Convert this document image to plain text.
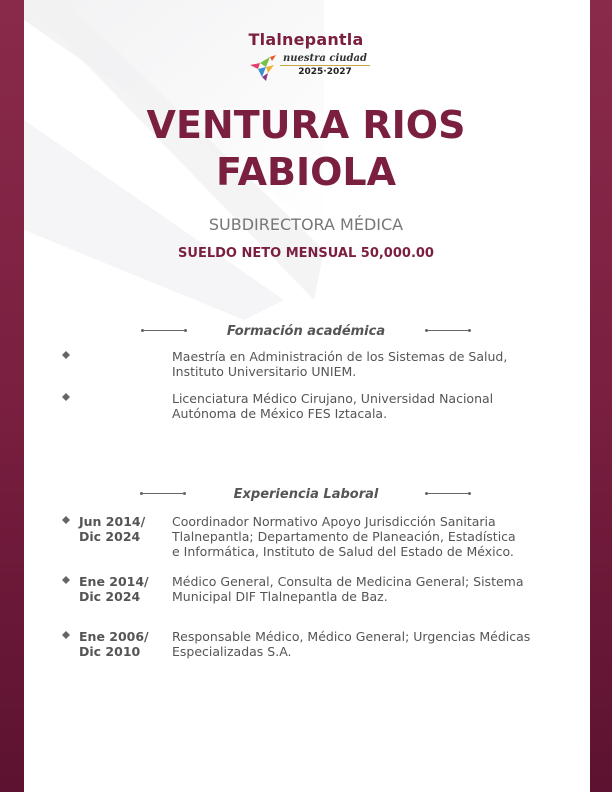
Tlalnepantla
nuestra ciudad
2025·2027
VENTURA RIOS
FABIOLA
SUBDIRECTORA MÉDICA
SUELDO NETO MENSUAL 50,000.00
Formación académica
Maestría en Administración de los Sistemas de Salud,
Instituto Universitario UNIEM.
Licenciatura Médico Cirujano, Universidad Nacional
Autónoma de México FES Iztacala.
Experiencia Laboral
Jun 2014/
Dic 2024
Coordinador Normativo Apoyo Jurisdicción Sanitaria
Tlalnepantla; Departamento de Planeación, Estadística
e Informática, Instituto de Salud del Estado de México.
Ene 2014/
Dic 2024
Médico General, Consulta de Medicina General; Sistema
Municipal DIF Tlalnepantla de Baz.
Ene 2006/
Dic 2010
Responsable Médico, Médico General; Urgencias Médicas
Especializadas S.A.
